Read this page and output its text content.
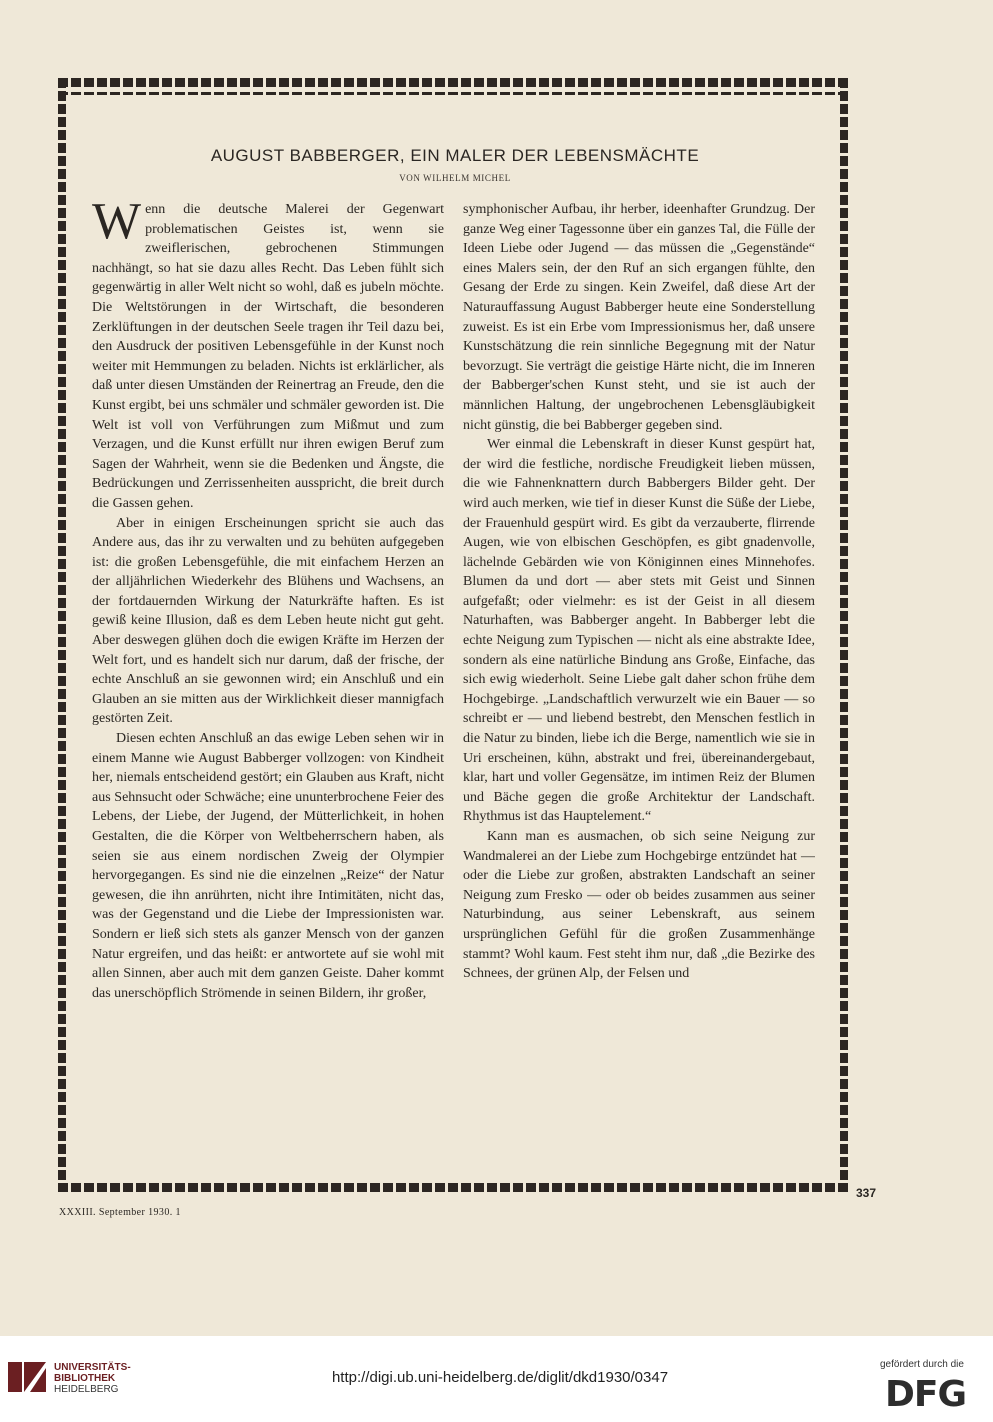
AUGUST BABBERGER, EIN MALER DER LEBENSMÄCHTE
VON WILHELM MICHEL

Wenn die deutsche Malerei der Gegenwart problematischen Geistes ist, wenn sie zweiflerischen, gebrochenen Stimmungen nachhängt, so hat sie dazu alles Recht. Das Leben fühlt sich gegenwärtig in aller Welt nicht so wohl, daß es jubeln möchte. Die Weltstörungen in der Wirtschaft, die besonderen Zerklüftungen in der deutschen Seele tragen ihr Teil dazu bei, den Ausdruck der positiven Lebensgefühle in der Kunst noch weiter mit Hemmungen zu beladen. Nichts ist erklärlicher, als daß unter diesen Umständen der Reinertrag an Freude, den die Kunst ergibt, bei uns schmäler und schmäler geworden ist. Die Welt ist voll von Verführungen zum Mißmut und zum Verzagen, und die Kunst erfüllt nur ihren ewigen Beruf zum Sagen der Wahrheit, wenn sie die Bedenken und Ängste, die Bedrückungen und Zerrissenheiten ausspricht, die breit durch die Gassen gehen.

Aber in einigen Erscheinungen spricht sie auch das Andere aus, das ihr zu verwalten und zu behüten aufgegeben ist: die großen Lebensgefühle, die mit einfachem Herzen an der alljährlichen Wiederkehr des Blühens und Wachsens, an der fortdauernden Wirkung der Naturkräfte haften. Es ist gewiß keine Illusion, daß es dem Leben heute nicht gut geht. Aber deswegen glühen doch die ewigen Kräfte im Herzen der Welt fort, und es handelt sich nur darum, daß der frische, der echte Anschluß an sie gewonnen wird; ein Anschluß und ein Glauben an sie mitten aus der Wirklichkeit dieser mannigfach gestörten Zeit.

Diesen echten Anschluß an das ewige Leben sehen wir in einem Manne wie August Babberger vollzogen: von Kindheit her, niemals entscheidend gestört; ein Glauben aus Kraft, nicht aus Sehnsucht oder Schwäche; eine ununterbrochene Feier des Lebens, der Liebe, der Jugend, der Mütterlichkeit, in hohen Gestalten, die die Körper von Weltbeherrschern haben, als seien sie aus einem nordischen Zweig der Olympier hervorgegangen. Es sind nie die einzelnen „Reize“ der Natur gewesen, die ihn anrührten, nicht ihre Intimitäten, nicht das, was der Gegenstand und die Liebe der Impressionisten war. Sondern er ließ sich stets als ganzer Mensch von der ganzen Natur ergreifen, und das heißt: er antwortete auf sie wohl mit allen Sinnen, aber auch mit dem ganzen Geiste. Daher kommt das unerschöpflich Strömende in seinen Bildern, ihr großer,

symphonischer Aufbau, ihr herber, ideenhafter Grundzug. Der ganze Weg einer Tagessonne über ein ganzes Tal, die Fülle der Ideen Liebe oder Jugend — das müssen die „Gegenstände“ eines Malers sein, der den Ruf an sich ergangen fühlte, den Gesang der Erde zu singen. Kein Zweifel, daß diese Art der Naturauffassung August Babberger heute eine Sonderstellung zuweist. Es ist ein Erbe vom Impressionismus her, daß unsere Kunstschätzung die rein sinnliche Begegnung mit der Natur bevorzugt. Sie verträgt die geistige Härte nicht, die im Inneren der Babberger'schen Kunst steht, und sie ist auch der männlichen Haltung, der ungebrochenen Lebensgläubigkeit nicht günstig, die bei Babberger gegeben sind.

Wer einmal die Lebenskraft in dieser Kunst gespürt hat, der wird die festliche, nordische Freudigkeit lieben müssen, die wie Fahnenknattern durch Babbergers Bilder geht. Der wird auch merken, wie tief in dieser Kunst die Süße der Liebe, der Frauenhuld gespürt wird. Es gibt da verzauberte, flirrende Augen, wie von elbischen Geschöpfen, es gibt gnadenvolle, lächelnde Gebärden wie von Königinnen eines Minnehofes. Blumen da und dort — aber stets mit Geist und Sinnen aufgefaßt; oder vielmehr: es ist der Geist in all diesem Naturhaften, was Babberger angeht. In Babberger lebt die echte Neigung zum Typischen — nicht als eine abstrakte Idee, sondern als eine natürliche Bindung ans Große, Einfache, das sich ewig wiederholt. Seine Liebe galt daher schon frühe dem Hochgebirge. „Landschaftlich verwurzelt wie ein Bauer — so schreibt er — und liebend bestrebt, den Menschen festlich in die Natur zu binden, liebe ich die Berge, namentlich wie sie in Uri erscheinen, kühn, abstrakt und frei, übereinandergebaut, klar, hart und voller Gegensätze, im intimen Reiz der Blumen und Bäche gegen die große Architektur der Landschaft. Rhythmus ist das Hauptelement.“

Kann man es ausmachen, ob sich seine Neigung zur Wandmalerei an der Liebe zum Hochgebirge entzündet hat — oder die Liebe zur großen, abstrakten Landschaft an seiner Neigung zum Fresko — oder ob beides zusammen aus seiner Naturbindung, aus seiner Lebenskraft, aus seinem ursprünglichen Gefühl für die großen Zusammenhänge stammt? Wohl kaum. Fest steht ihm nur, daß „die Bezirke des Schnees, der grünen Alp, der Felsen und

337
XXXIII. September 1930. 1
UNIVERSITÄTS-
BIBLIOTHEK
HEIDELBERG
http://digi.ub.uni-heidelberg.de/diglit/dkd1930/0347
gefördert durch die
DFG
